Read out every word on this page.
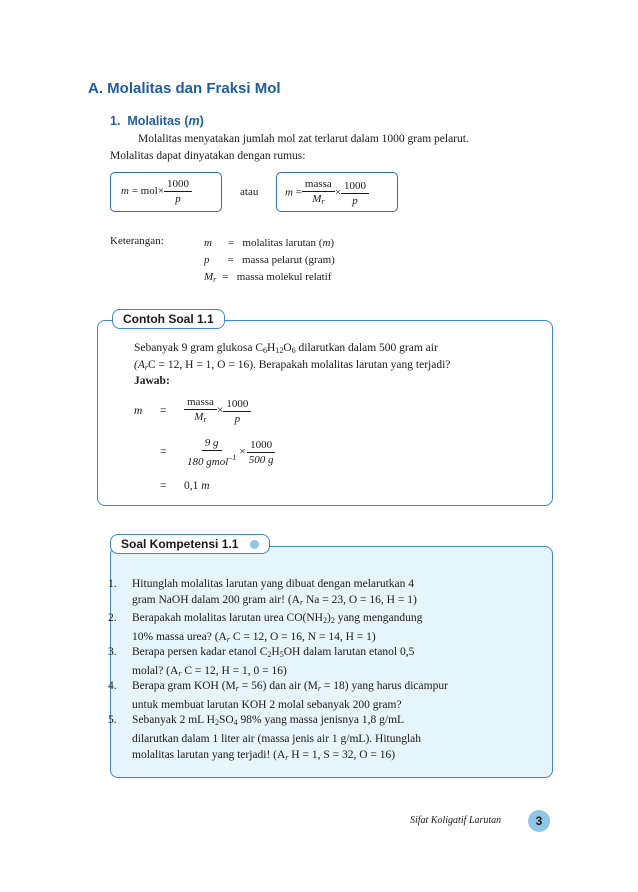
A. Molalitas dan Fraksi Mol
1. Molalitas (m)
Molalitas menyatakan jumlah mol zat terlarut dalam 1000 gram pelarut.
Molalitas dapat dinyatakan dengan rumus:
$m = mol\times \frac{1000}{p}$	atau $m = \frac{\text{massa}}{M_r} \times \frac{1000}{p}$
Keterangan:	m = molalitas larutan (m)
p = massa pelarut (gram)
$M_r$ = massa molekul relatif
Contoh Soal 1.1
Sebanyak 9 gram glukosa $C_6H_{12}O_6$ dilarutkan dalam 500 gram air
($A_rC = 12$, H = 1, O = 16). Berapakah molalitas larutan yang terjadi?
Jawab:
$m = \frac{\text{massa}}{M_r} \times \frac{1000}{p}$
= $\frac{9 g}{180 gmol^{-1}} \times \frac{1000}{500 g}$
= 0,1 m
Soal Kompetensi 1.1
1. Hitunglah molalitas larutan yang dibuat dengan melarutkan 4
gram NaOH dalam 200 gram air! ($A_r$ Na = 23, O = 16, H = 1)
2. Berapakah molalitas larutan urea $CO(NH_2)_2$ yang mengandung
10% massa urea? ($A_r$ C = 12, O = 16, N = 14, H = 1)
3. Berapa persen kadar etanol $C_2H_5OH$ dalam larutan etanol 0,5
molal? ($A_r$ C = 12, H = 1, 0 = 16)
4. Berapa gram KOH $(M_r = 56)$ dan air $(M_r = 18)$ yang harus dicampur
untuk membuat larutan KOH 2 molal sebanyak 200 gram?
5. Sebanyak 2 mL $H_2SO_4$ 98% yang massa jenisnya 1,8 g/mL
dilarutkan dalam 1 liter air (massa jenis air 1 g/mL). Hitunglah
molalitas larutan yang terjadi! ($A_r$ H = 1, S = 32, O = 16)
Sifat Koligatif Larutan	3
